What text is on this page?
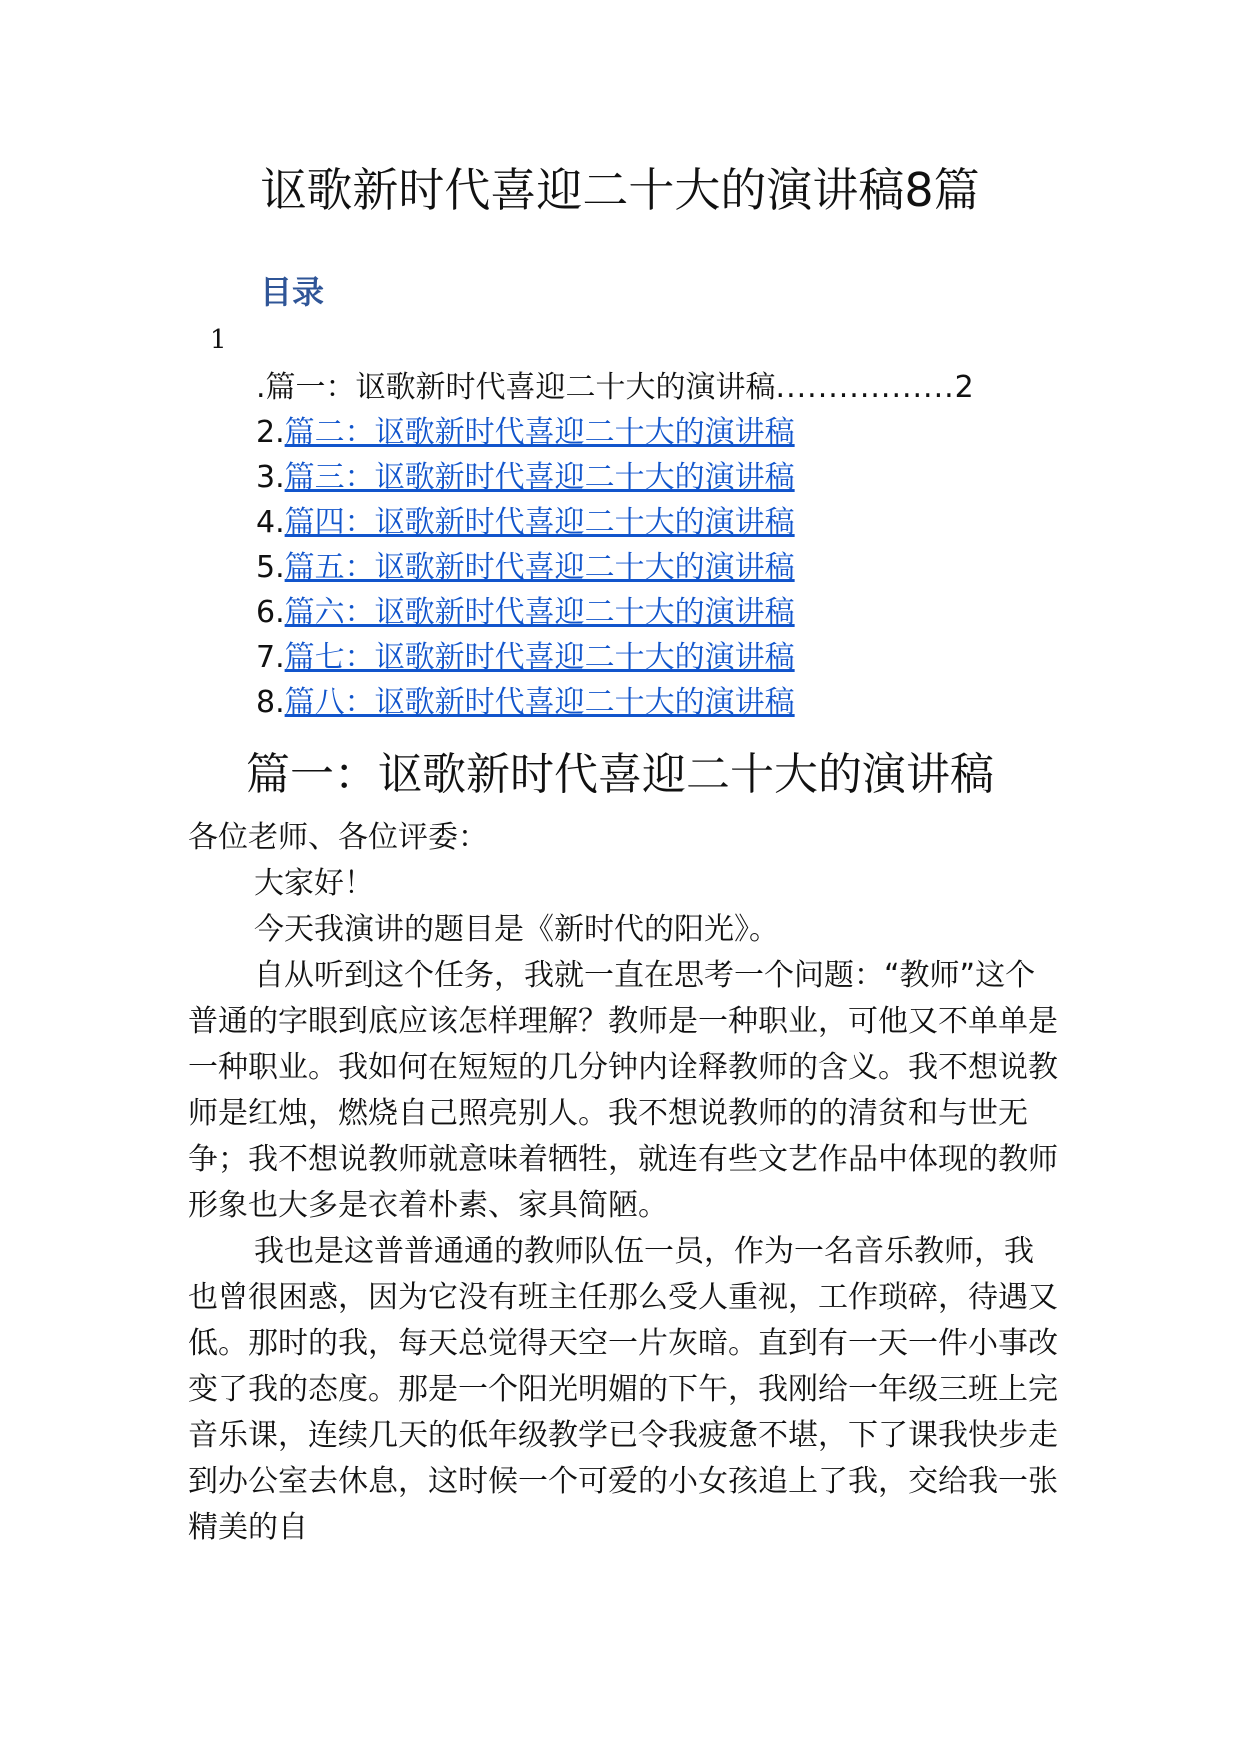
讴歌新时代喜迎二十大的演讲稿8篇
目录
1
.篇一：讴歌新时代喜迎二十大的演讲稿.................2
2.篇二：讴歌新时代喜迎二十大的演讲稿
3.篇三：讴歌新时代喜迎二十大的演讲稿
4.篇四：讴歌新时代喜迎二十大的演讲稿
5.篇五：讴歌新时代喜迎二十大的演讲稿
6.篇六：讴歌新时代喜迎二十大的演讲稿
7.篇七：讴歌新时代喜迎二十大的演讲稿
8.篇八：讴歌新时代喜迎二十大的演讲稿
篇一：讴歌新时代喜迎二十大的演讲稿

各位老师、各位评委：

大家好！

今天我演讲的题目是《新时代的阳光》。

自从听到这个任务，我就一直在思考一个问题：“教师”这个普通的字眼到底应该怎样理解？教师是一种职业，可他又不单单是一种职业。我如何在短短的几分钟内诠释教师的含义。我不想说教师是红烛，燃烧自己照亮别人。我不想说教师的的清贫和与世无争；我不想说教师就意味着牺牲，就连有些文艺作品中体现的教师形象也大多是衣着朴素、家具简陋。

我也是这普普通通的教师队伍一员，作为一名音乐教师，我也曾很困惑，因为它没有班主任那么受人重视，工作琐碎，待遇又低。那时的我，每天总觉得天空一片灰暗。直到有一天一件小事改变了我的态度。那是一个阳光明媚的下午，我刚给一年级三班上完音乐课，连续几天的低年级教学已令我疲惫不堪，下了课我快步走到办公室去休息，这时候一个可爱的小女孩追上了我，交给我一张精美的自
